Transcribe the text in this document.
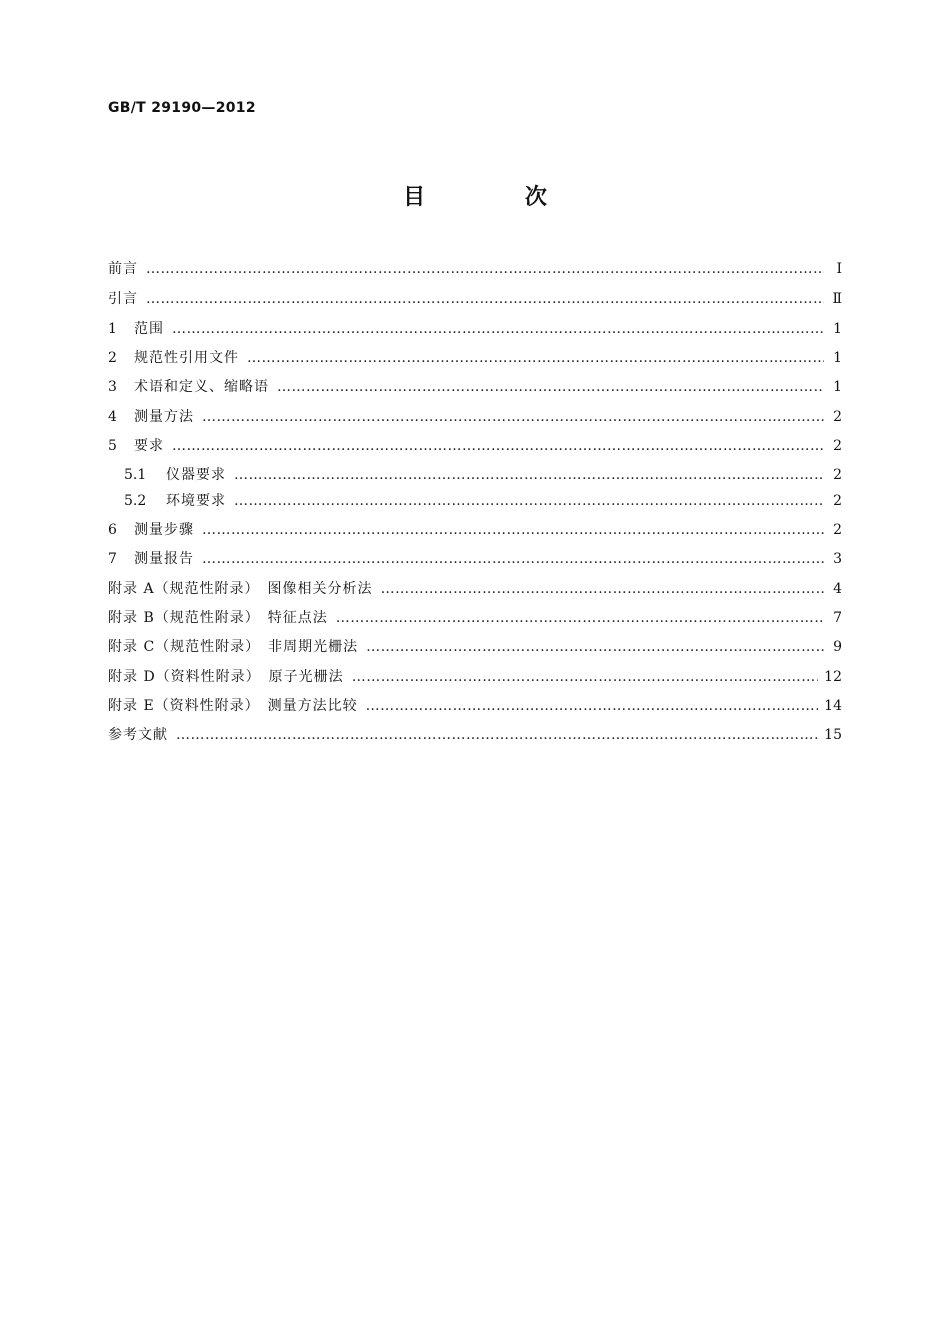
GB/T 29190—2012
目 次
前言 …………………………………………………………………………………………………………………………………………………………………………………………………………………………………………	Ⅰ
引言 …………………………………………………………………………………………………………………………………………………………………………………………………………………………………………	Ⅱ
1	范围 …………………………………………………………………………………………………………………………………………………………………………………………………………………………………………	1
2	规范性引用文件 …………………………………………………………………………………………………………………………………………………………………………………………………………………………………………	1
3	术语和定义、缩略语 …………………………………………………………………………………………………………………………………………………………………………………………………………………………………………	1
4	测量方法 …………………………………………………………………………………………………………………………………………………………………………………………………………………………………………	2
5	要求 …………………………………………………………………………………………………………………………………………………………………………………………………………………………………………	2
5.1	仪器要求 …………………………………………………………………………………………………………………………………………………………………………………………………………………………………………	2
5.2	环境要求 …………………………………………………………………………………………………………………………………………………………………………………………………………………………………………	2
6	测量步骤 …………………………………………………………………………………………………………………………………………………………………………………………………………………………………………	2
7	测量报告 …………………………………………………………………………………………………………………………………………………………………………………………………………………………………………	3
附录 A（规范性附录）　图像相关分析法 …………………………………………………………………………………………………………………………………………………………………………………………………………………………………………	4
附录 B（规范性附录）　特征点法 …………………………………………………………………………………………………………………………………………………………………………………………………………………………………………	7
附录 C（规范性附录）　非周期光栅法 …………………………………………………………………………………………………………………………………………………………………………………………………………………………………………	9
附录 D（资料性附录）　原子光栅法 …………………………………………………………………………………………………………………………………………………………………………………………………………………………………………	12
附录 E（资料性附录）　测量方法比较 …………………………………………………………………………………………………………………………………………………………………………………………………………………………………………	14
参考文献 …………………………………………………………………………………………………………………………………………………………………………………………………………………………………………	15
